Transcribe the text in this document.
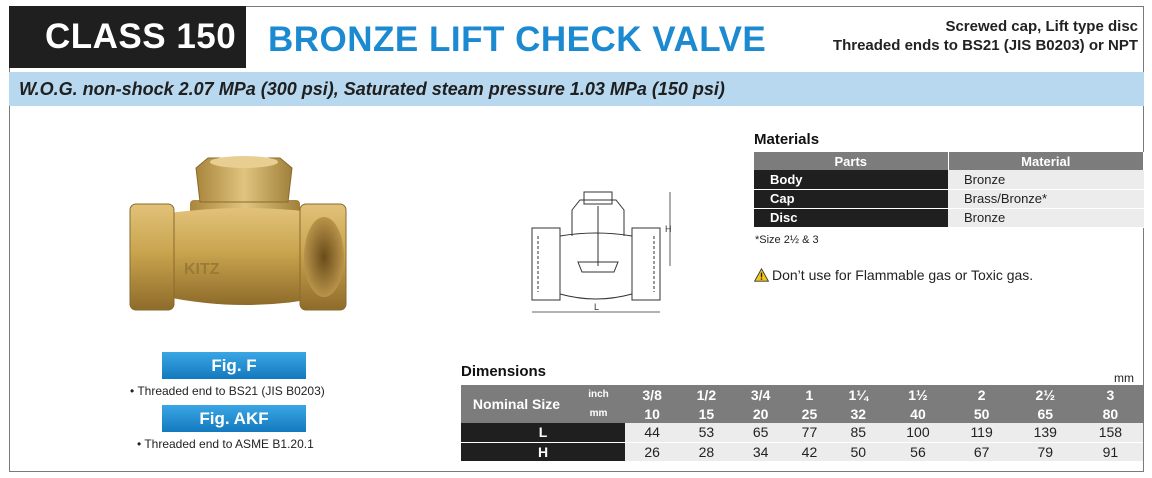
CLASS 150 BRONZE LIFT CHECK VALVE	Screwed cap, Lift type disc
Threaded ends to BS21 (JIS B0203) or NPT
W.O.G. non-shock 2.07 MPa (300 psi), Saturated steam pressure 1.03 MPa (150 psi)
KITZ
H
L
Fig. F
• Threaded end to BS21 (JIS B0203)
Fig. AKF
• Threaded end to ASME B1.20.1
Materials
Parts	Material
Body	Bronze
Cap	Brass/Bronze*
Disc	Bronze
*Size 2½ & 3
Don’t use for Flammable gas or Toxic gas.
Dimensions	mm
Nominal Size	inch	3/8	1/2	3/4	1	1¼	1½	2	2½	3
	mm	10	15	20	25	32	40	50	65	80
L		44	53	65	77	85	100	119	139	158
H		26	28	34	42	50	56	67	79	91
